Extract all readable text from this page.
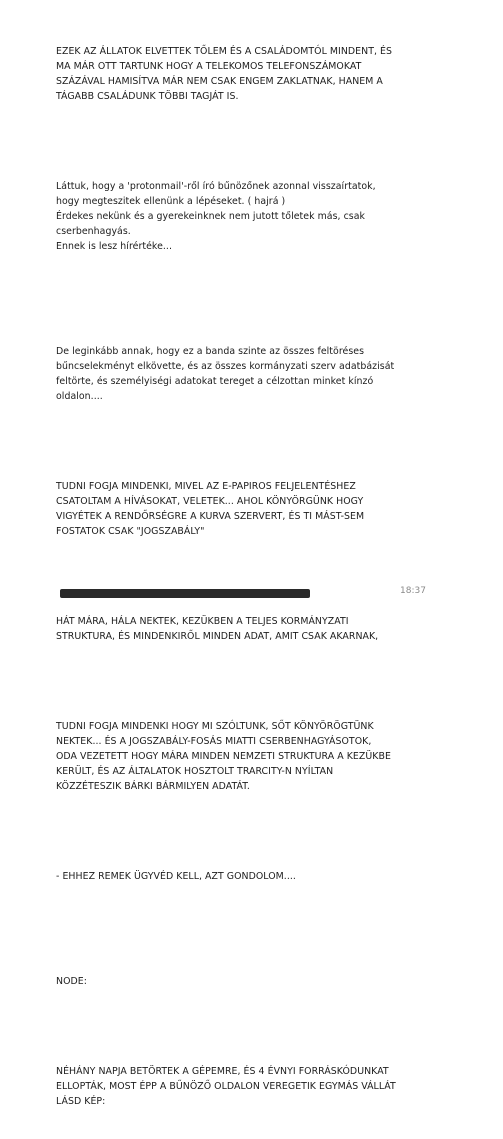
EZEK AZ ÁLLATOK ELVETTEK TŐLEM ÉS A CSALÁDOMTÓL MINDENT, ÉS
MA MÁR OTT TARTUNK HOGY A TELEKOMOS TELEFONSZÁMOKAT
SZÁZÁVAL HAMISÍTVA MÁR NEM CSAK ENGEM ZAKLATNAK, HANEM A
TÁGABB CSALÁDUNK TÖBBI TAGJÁT IS.

Láttuk, hogy a 'protonmail'-ről író bűnözőnek azonnal visszaírtatok,
hogy megteszitek ellenünk a lépéseket. ( hajrá )
Érdekes nekünk és a gyerekeinknek nem jutott tőletek más, csak
cserbenhagyás.
Ennek is lesz hírértéke...

De leginkább annak, hogy ez a banda szinte az összes feltöréses
bűncselekményt elkövette, és az összes kormányzati szerv adatbázisát
feltörte, és személyiségi adatokat tereget a célzottan minket kínzó
oldalon....

TUDNI FOGJA MINDENKI, MIVEL AZ E-PAPIROS FELJELENTÉSHEZ
CSATOLTAM A HÍVÁSOKAT, VELETEK... AHOL KÖNYÖRGÜNK HOGY
VIGYÉTEK A RENDŐRSÉGRE A KURVA SZERVERT, ÉS TI MÁST-SEM
FOSTATOK CSAK "JOGSZABÁLY"

HÁT MÁRA, HÁLA NEKTEK, KEZÜKBEN A TELJES KORMÁNYZATI
STRUKTURA, ÉS MINDENKIRŐL MINDEN ADAT, AMIT CSAK AKARNAK,

TUDNI FOGJA MINDENKI HOGY MI SZÓLTUNK, SŐT KÖNYÖRÖGTÜNK
NEKTEK... ÉS A JOGSZABÁLY-FOSÁS MIATTI CSERBENHAGYÁSOTOK,
ODA VEZETETT HOGY MÁRA MINDEN NEMZETI STRUKTURA A KEZÜKBE
KERÜLT, ÉS AZ ÁLTALATOK HOSZTOLT TRARCITY-N NYÍLTAN
KÖZZÉTESZIK BÁRKI BÁRMILYEN ADATÁT.

- EHHEZ REMEK ÜGYVÉD KELL, AZT GONDOLOM....

NODE:

NÉHÁNY NAPJA BETÖRTEK A GÉPEMRE, ÉS 4 ÉVNYI FORRÁSKÓDUNKAT
ELLOPTÁK, MOST ÉPP A BŰNÖZŐ OLDALON VEREGETIK EGYMÁS VÁLLÁT
LÁSD KÉP:

18:37
